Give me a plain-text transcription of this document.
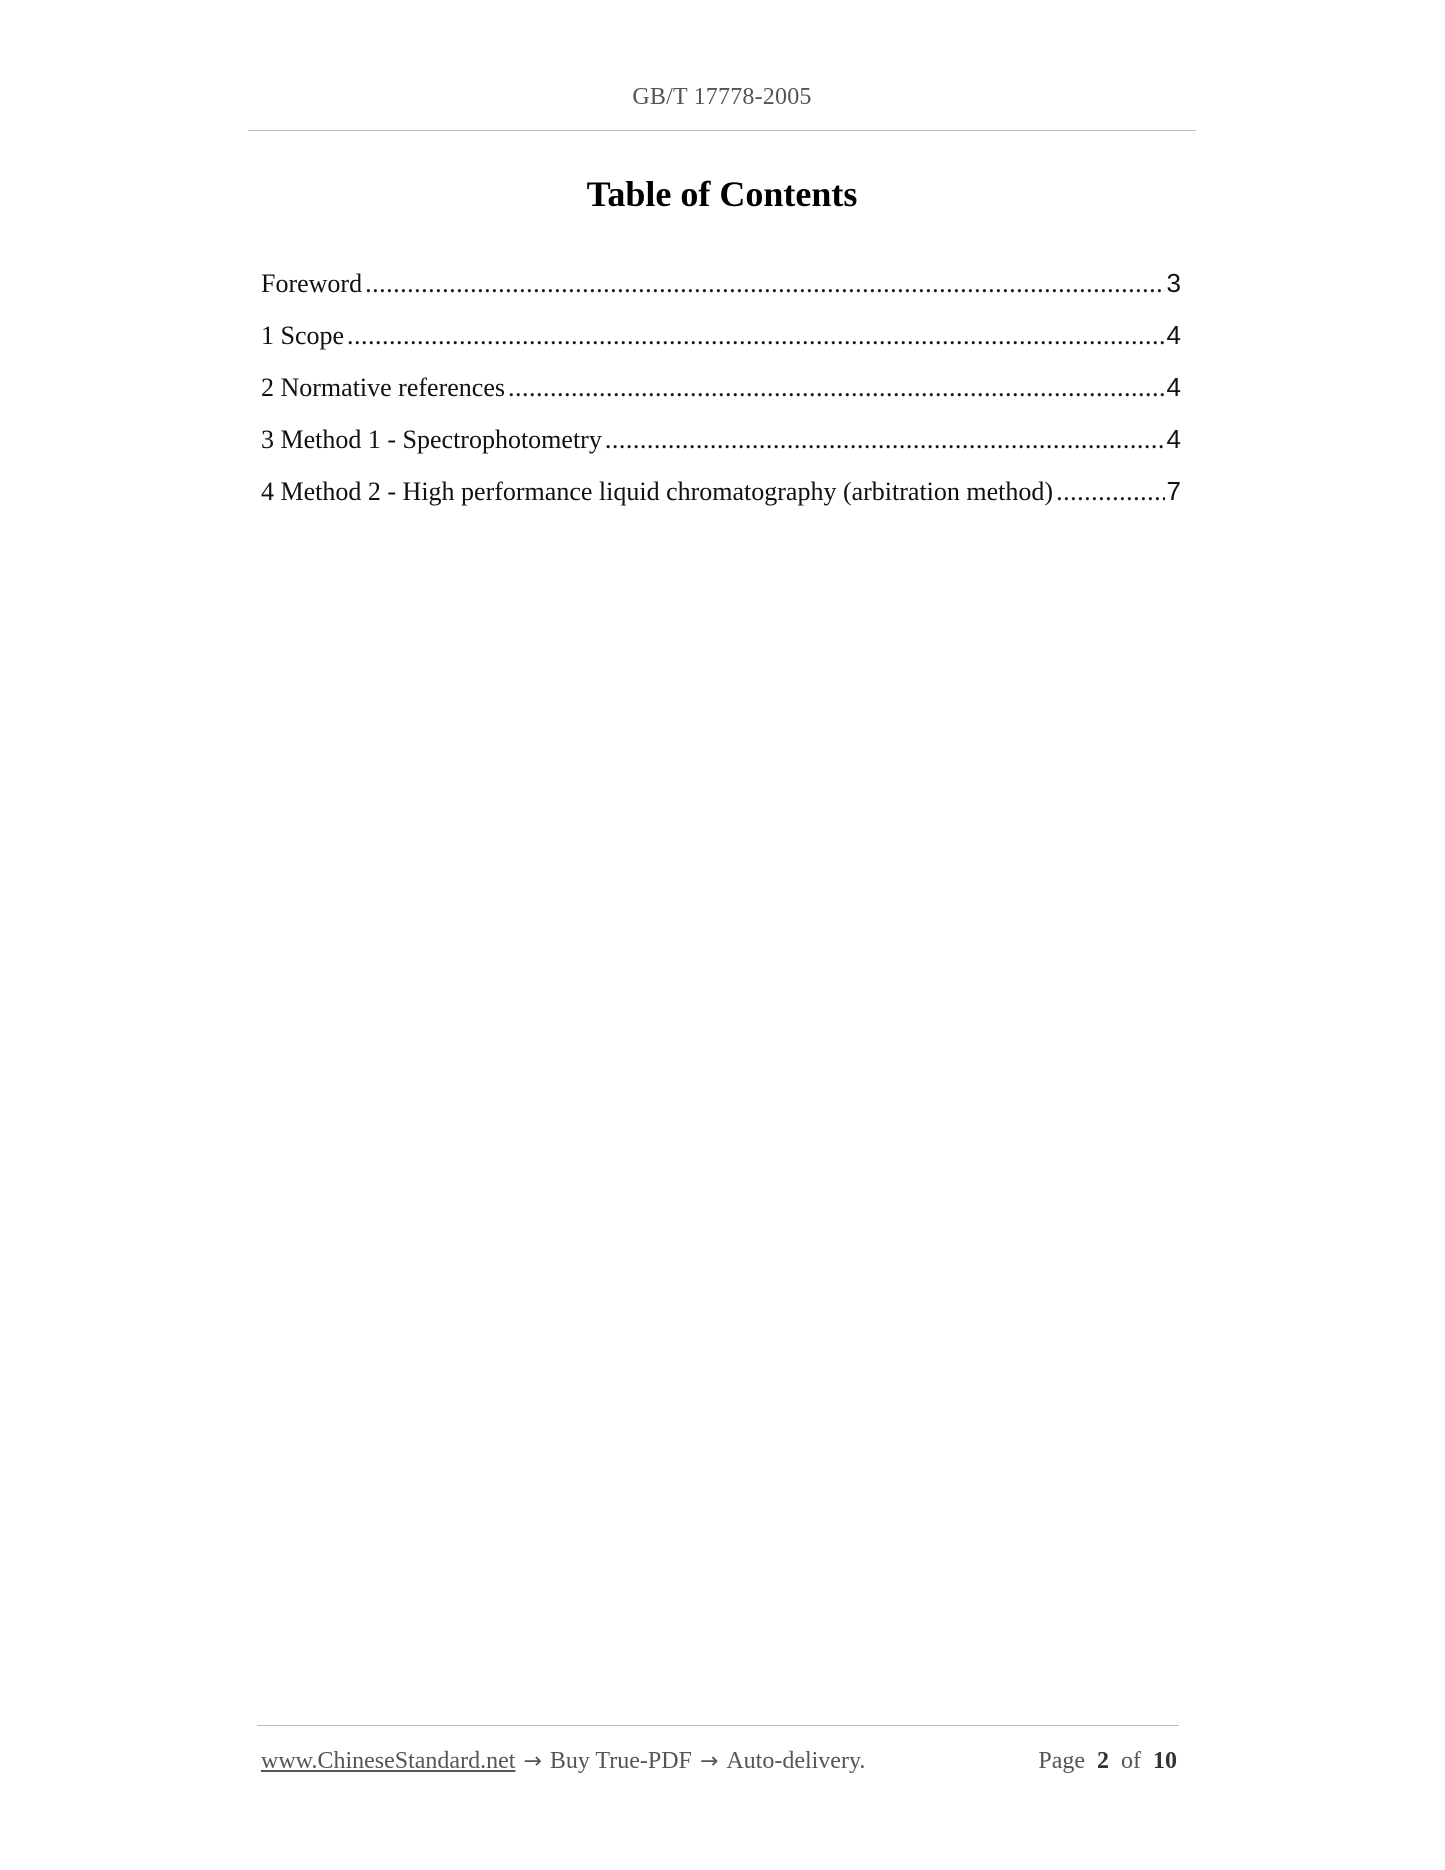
GB/T 17778-2005
Table of Contents
Foreword .....	3
1 Scope .....	4
2 Normative references .....	4
3 Method 1 - Spectrophotometry .....	4
4 Method 2 - High performance liquid chromatography (arbitration method) .....	7
www.ChineseStandard.net → Buy True-PDF → Auto-delivery.	Page 2 of 10
